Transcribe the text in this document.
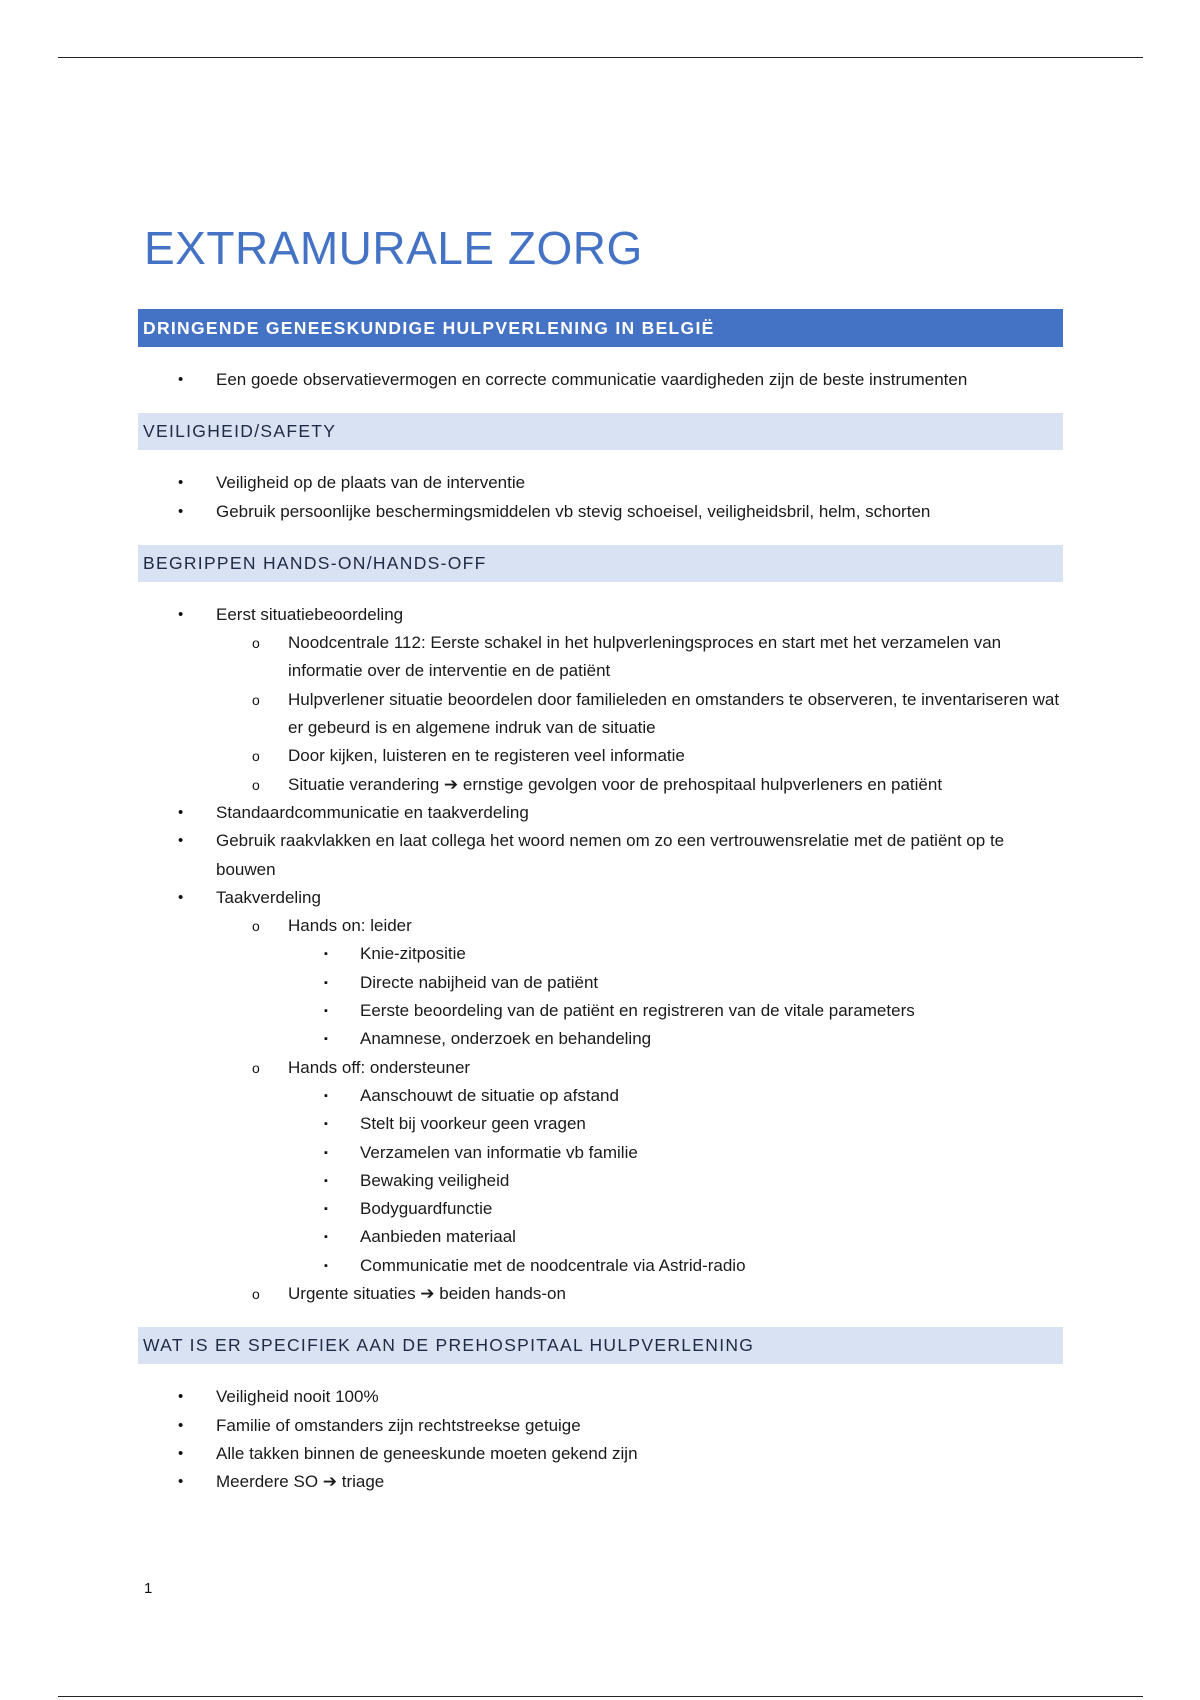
EXTRAMURALE ZORG
DRINGENDE GENEESKUNDIGE HULPVERLENING IN BELGIË
• Een goede observatievermogen en correcte communicatie vaardigheden zijn de beste instrumenten
VEILIGHEID/SAFETY
• Veiligheid op de plaats van de interventie
• Gebruik persoonlijke beschermingsmiddelen vb stevig schoeisel, veiligheidsbril, helm, schorten
BEGRIPPEN HANDS-ON/HANDS-OFF
• Eerst situatiebeoordeling
o Noodcentrale 112: Eerste schakel in het hulpverleningsproces en start met het verzamelen van informatie over de interventie en de patiënt
o Hulpverlener situatie beoordelen door familieleden en omstanders te observeren, te inventariseren wat er gebeurd is en algemene indruk van de situatie
o Door kijken, luisteren en te registeren veel informatie
o Situatie verandering ➔ ernstige gevolgen voor de prehospitaal hulpverleners en patiënt
• Standaardcommunicatie en taakverdeling
• Gebruik raakvlakken en laat collega het woord nemen om zo een vertrouwensrelatie met de patiënt op te bouwen
• Taakverdeling
o Hands on: leider
▪ Knie-zitpositie
▪ Directe nabijheid van de patiënt
▪ Eerste beoordeling van de patiënt en registreren van de vitale parameters
▪ Anamnese, onderzoek en behandeling
o Hands off: ondersteuner
▪ Aanschouwt de situatie op afstand
▪ Stelt bij voorkeur geen vragen
▪ Verzamelen van informatie vb familie
▪ Bewaking veiligheid
▪ Bodyguardfunctie
▪ Aanbieden materiaal
▪ Communicatie met de noodcentrale via Astrid-radio
o Urgente situaties ➔ beiden hands-on
WAT IS ER SPECIFIEK AAN DE PREHOSPITAAL HULPVERLENING
• Veiligheid nooit 100%
• Familie of omstanders zijn rechtstreekse getuige
• Alle takken binnen de geneeskunde moeten gekend zijn
• Meerdere SO ➔ triage
1
